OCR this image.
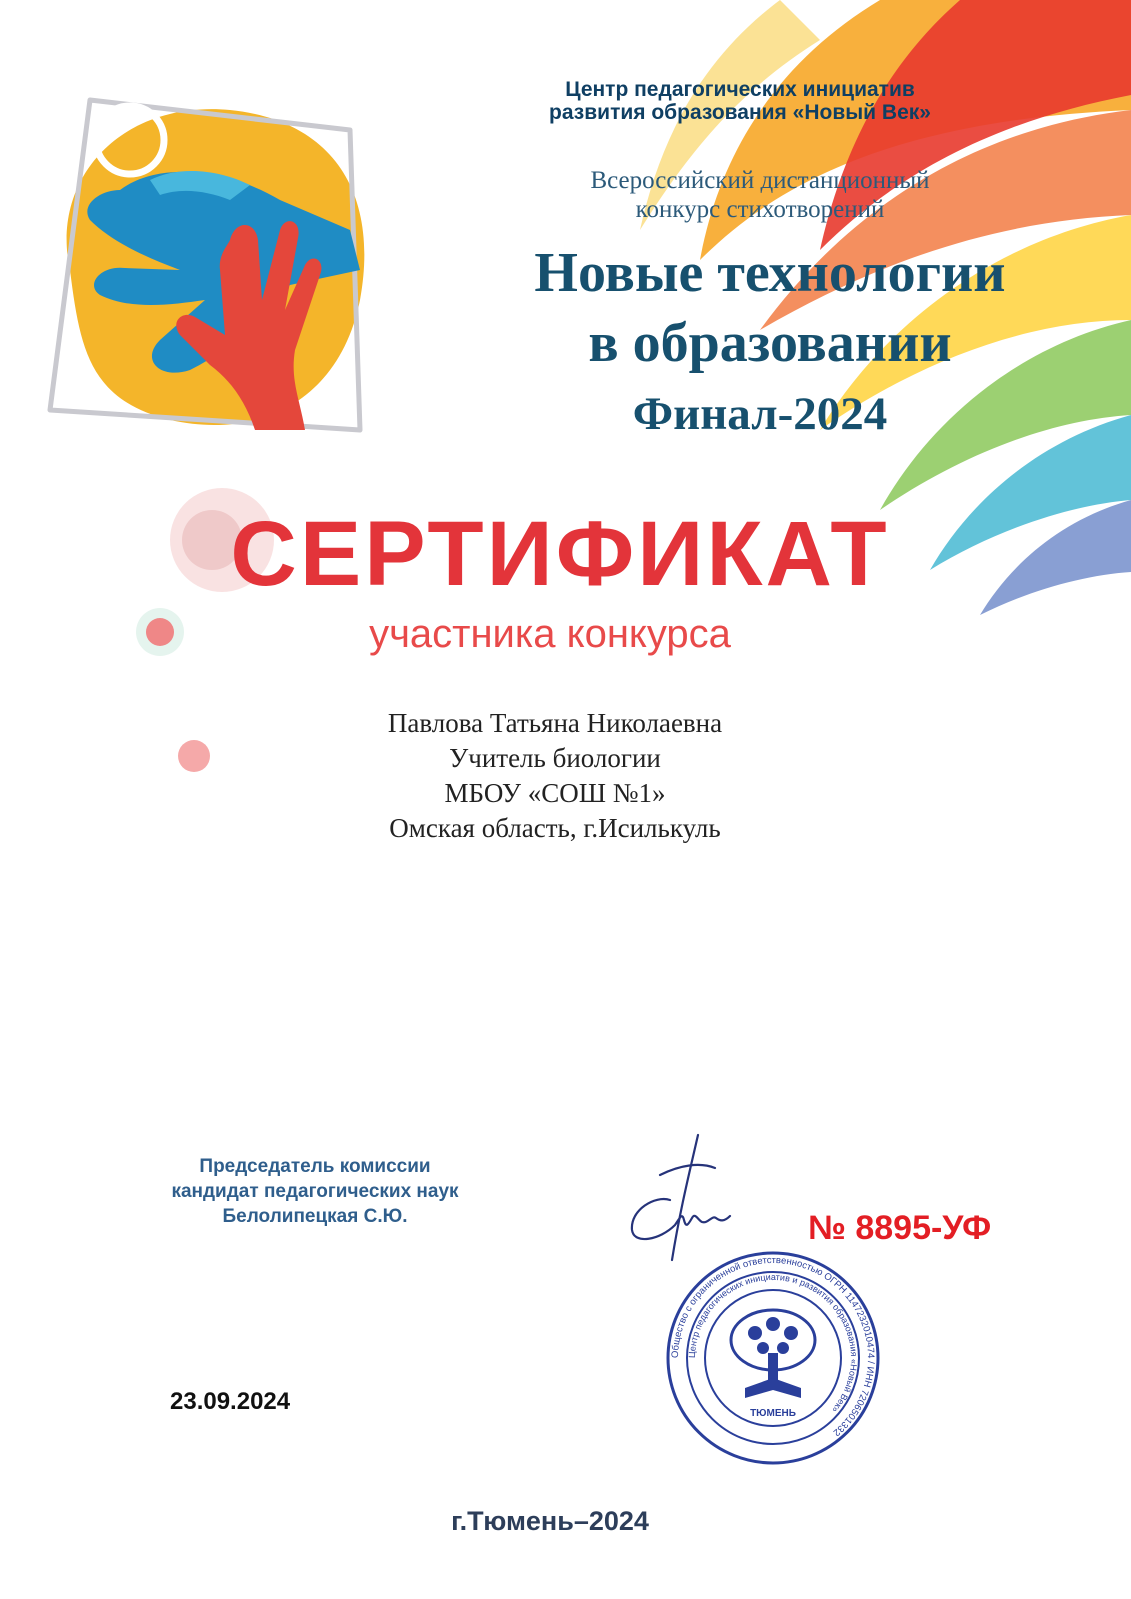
Центр педагогических инициатив
развития образования «Новый Век»
Всероссийский дистанционный
конкурс стихотворений
Новые технологии
в образовании
Финал-2024
СЕРТИФИКАТ
участника конкурса
Павлова Татьяна Николаевна
Учитель биологии
МБОУ «СОШ №1»
Омская область, г.Исилькуль
Председатель комиссии
кандидат педагогических наук
Белолипецкая С.Ю.	№ 8895-УФ
Общество с ограниченной ответственностью ОГРН 1147232010474 / ИНН 7206501332
Центр педагогических инициатив и развития образования «Новый Век»
ТЮМЕНЬ
23.09.2024
г.Тюмень–2024
